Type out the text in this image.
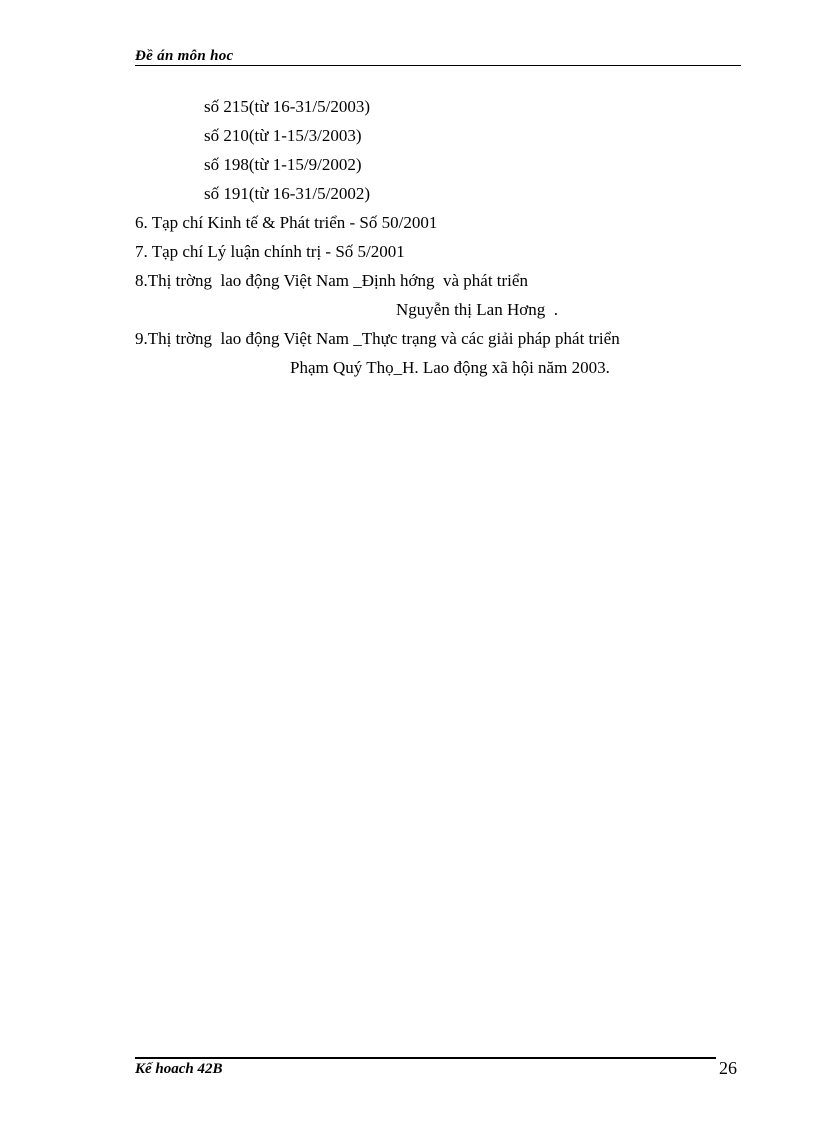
Đề án môn hoc
số 215(từ 16-31/5/2003)
số 210(từ 1-15/3/2003)
số 198(từ 1-15/9/2002)
số 191(từ 16-31/5/2002)
6. Tạp chí Kinh tế & Phát triển - Số 50/2001
7. Tạp chí Lý luận chính trị - Số 5/2001
8.Thị trờng  lao động Việt Nam _Định hớng  và phát triển
Nguyễn thị Lan Hơng  .
9.Thị trờng  lao động Việt Nam _Thực trạng và các giải pháp phát triển
Phạm Quý Thọ_H. Lao động xã hội năm 2003.
Kế hoach 42B	26
